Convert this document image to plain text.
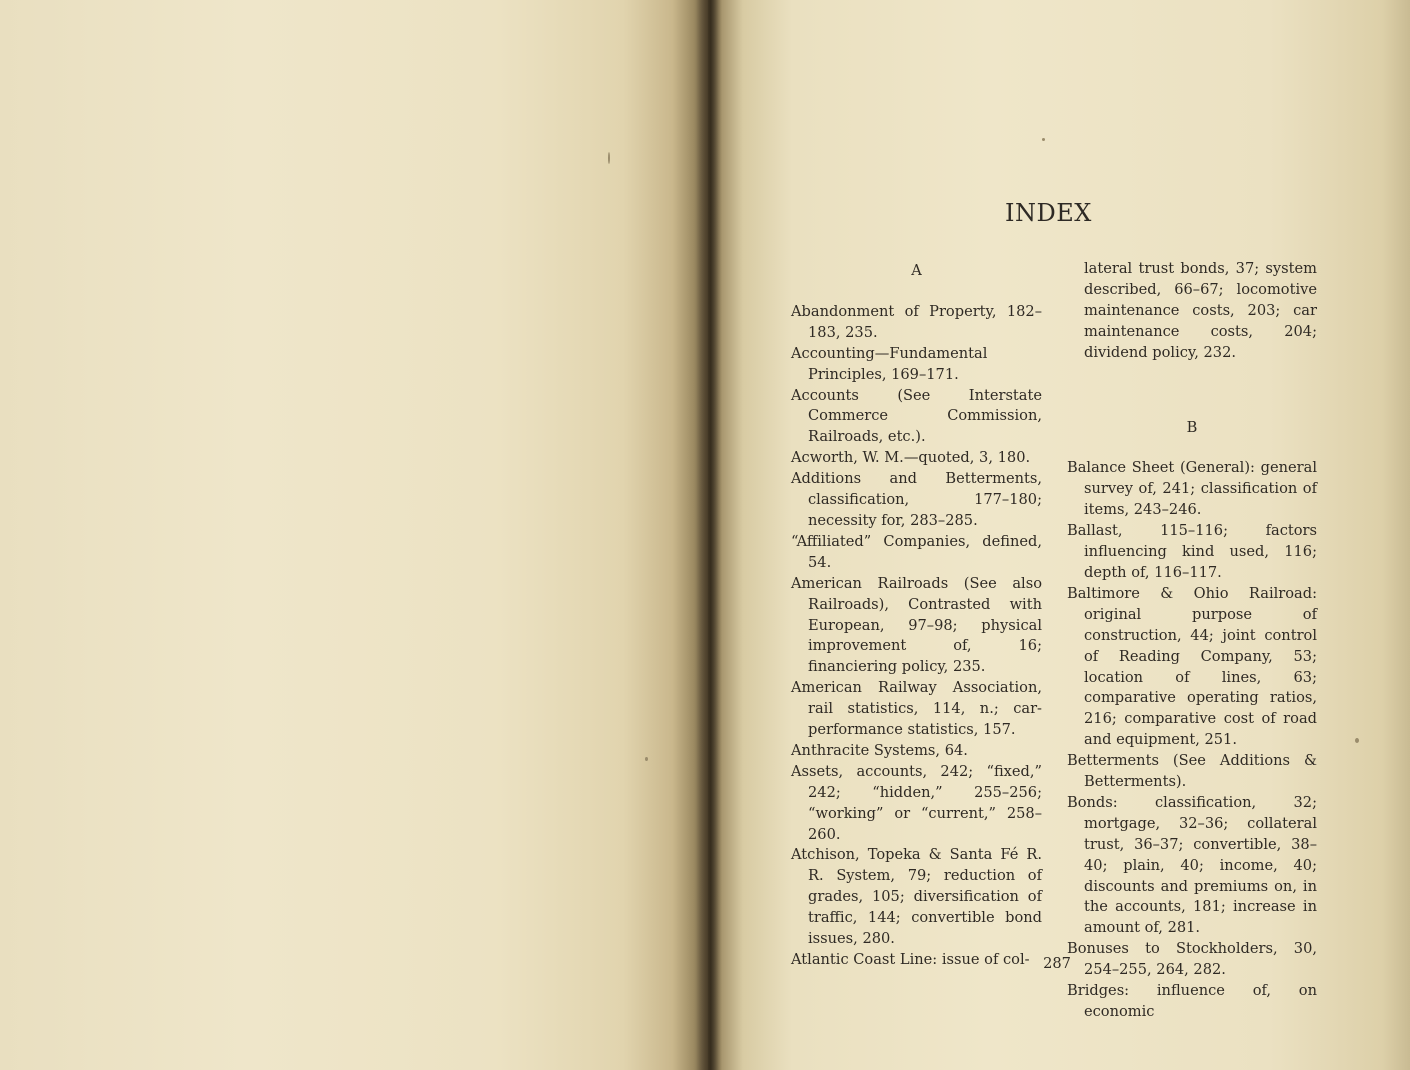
INDEX
A

Abandonment of Property, 182–183, 235.

Accounting—Fundamental Principles, 169–171.

Accounts (See Interstate Commerce Commission, Railroads, etc.).

Acworth, W. M.—quoted, 3, 180.

Additions and Betterments, classification, 177–180; necessity for, 283–285.

“Affiliated” Companies, defined, 54.

American Railroads (See also Railroads), Contrasted with European, 97–98; physical improvement of, 16; financiering policy, 235.

American Railway Association, rail statistics, 114, n.; car-performance statistics, 157.

Anthracite Systems, 64.

Assets, accounts, 242; “fixed,” 242; “hidden,” 255–256; “working” or “current,” 258–260.

Atchison, Topeka & Santa Fé R. R. System, 79; reduction of grades, 105; diversification of traffic, 144; convertible bond issues, 280.

Atlantic Coast Line: issue of col-

lateral trust bonds, 37; system described, 66–67; locomotive maintenance costs, 203; car maintenance costs, 204; dividend policy, 232.

B

Balance Sheet (General): general survey of, 241; classification of items, 243–246.

Ballast, 115–116; factors influencing kind used, 116; depth of, 116–117.

Baltimore & Ohio Railroad: original purpose of construction, 44; joint control of Reading Company, 53; location of lines, 63; comparative operating ratios, 216; comparative cost of road and equipment, 251.

Betterments (See Additions & Betterments).

Bonds: classification, 32; mortgage, 32–36; collateral trust, 36–37; convertible, 38–40; plain, 40; income, 40; discounts and premiums on, in the accounts, 181; increase in amount of, 281.

Bonuses to Stockholders, 30, 254–255, 264, 282.

Bridges: influence of, on economic

287
